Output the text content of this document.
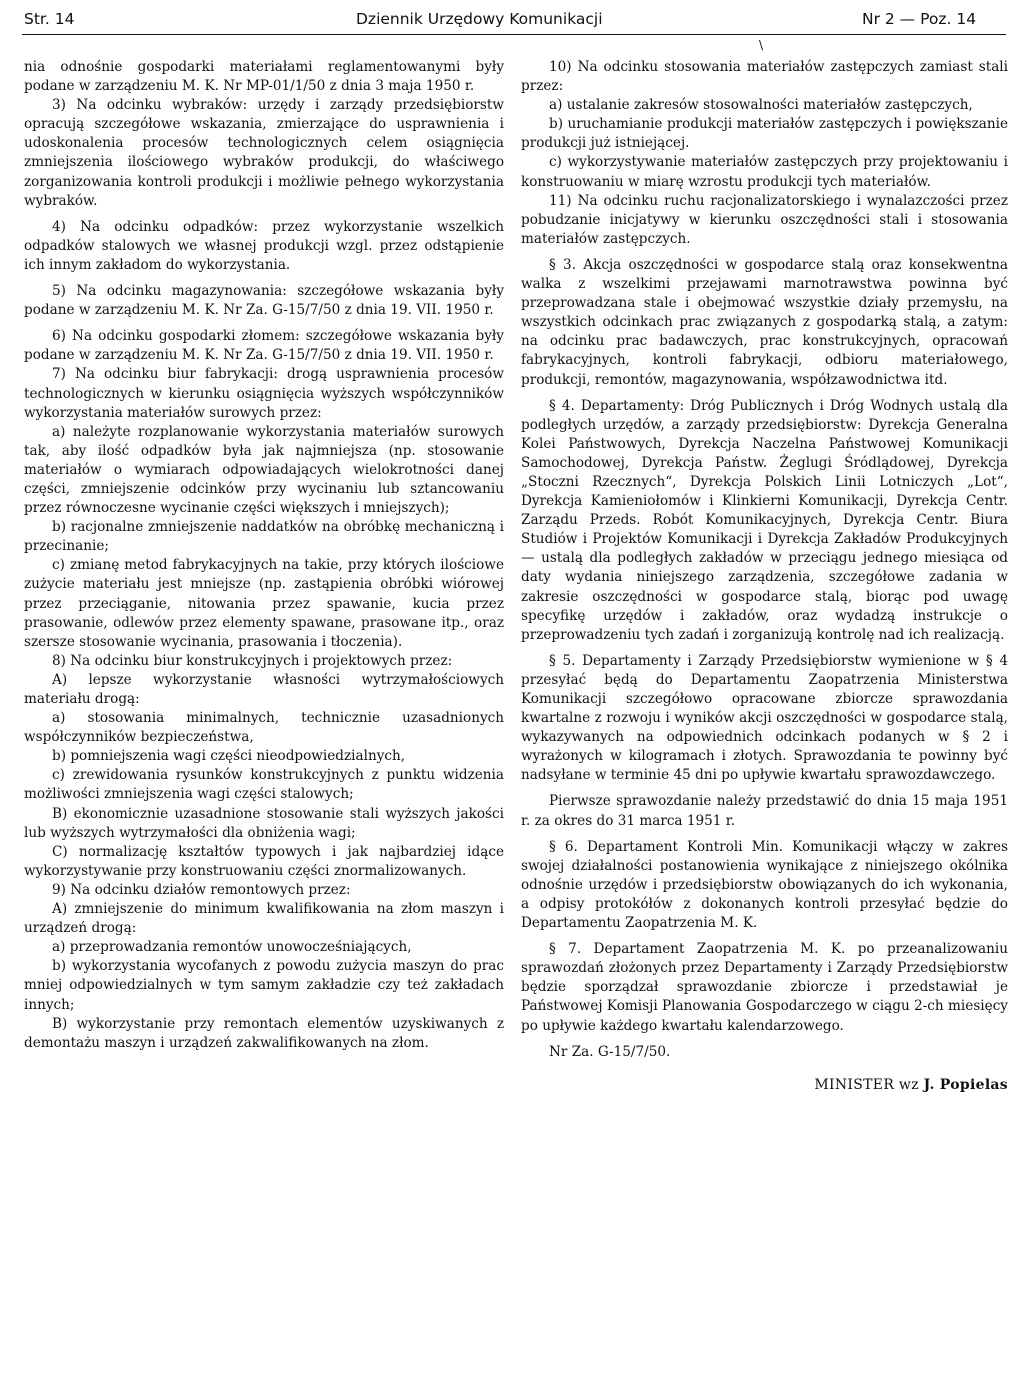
Str. 14	Dziennik Urzędowy Komunikacji	Nr 2 — Poz. 14
\

nia odnośnie gospodarki materiałami reglamentowanymi były podane w zarządzeniu M. K. Nr MP-01/1/50 z dnia 3 maja 1950 r.

3) Na odcinku wybraków: urzędy i zarządy przedsiębiorstw opracują szczegółowe wskazania, zmierzające do usprawnienia i udoskonalenia procesów technologicznych celem osiągnięcia zmniejszenia ilościowego wybraków produkcji, do właściwego zorganizowania kontroli produkcji i możliwie pełnego wykorzystania wybraków.

4) Na odcinku odpadków: przez wykorzystanie wszelkich odpadków stalowych we własnej produkcji wzgl. przez odstąpienie ich innym zakładom do wykorzystania.

5) Na odcinku magazynowania: szczegółowe wskazania były podane w zarządzeniu M. K. Nr Za. G-15/7/50 z dnia 19. VII. 1950 r.

6) Na odcinku gospodarki złomem: szczegółowe wskazania były podane w zarządzeniu M. K. Nr Za. G-15/7/50 z dnia 19. VII. 1950 r.

7) Na odcinku biur fabrykacji: drogą usprawnienia procesów technologicznych w kierunku osiągnięcia wyższych współczynników wykorzystania materiałów surowych przez:

a) należyte rozplanowanie wykorzystania materiałów surowych tak, aby ilość odpadków była jak najmniejsza (np. stosowanie materiałów o wymiarach odpowiadających wielokrotności danej części, zmniejszenie odcinków przy wycinaniu lub sztancowaniu przez równoczesne wycinanie części większych i mniejszych);

b) racjonalne zmniejszenie naddatków na obróbkę mechaniczną i przecinanie;

c) zmianę metod fabrykacyjnych na takie, przy których ilościowe zużycie materiału jest mniejsze (np. zastąpienia obróbki wiórowej przez przeciąganie, nitowania przez spawanie, kucia przez prasowanie, odlewów przez elementy spawane, prasowane itp., oraz szersze stosowanie wycinania, prasowania i tłoczenia).

8) Na odcinku biur konstrukcyjnych i projektowych przez:

A) lepsze wykorzystanie własności wytrzymałościowych materiału drogą:

a) stosowania minimalnych, technicznie uzasadnionych współczynników bezpieczeństwa,

b) pomniejszenia wagi części nieodpowiedzialnych,

c) zrewidowania rysunków konstrukcyjnych z punktu widzenia możliwości zmniejszenia wagi części stalowych;

B) ekonomicznie uzasadnione stosowanie stali wyższych jakości lub wyższych wytrzymałości dla obniżenia wagi;

C) normalizację kształtów typowych i jak najbardziej idące wykorzystywanie przy konstruowaniu części znormalizowanych.

9) Na odcinku działów remontowych przez:

A) zmniejszenie do minimum kwalifikowania na złom maszyn i urządzeń drogą:

a) przeprowadzania remontów unowocześniających,

b) wykorzystania wycofanych z powodu zużycia maszyn do prac mniej odpowiedzialnych w tym samym zakładzie czy też zakładach innych;

B) wykorzystanie przy remontach elementów uzyskiwanych z demontażu maszyn i urządzeń zakwalifikowanych na złom.

10) Na odcinku stosowania materiałów zastępczych zamiast stali przez:

a) ustalanie zakresów stosowalności materiałów zastępczych,

b) uruchamianie produkcji materiałów zastępczych i powiększanie produkcji już istniejącej.

c) wykorzystywanie materiałów zastępczych przy projektowaniu i konstruowaniu w miarę wzrostu produkcji tych materiałów.

11) Na odcinku ruchu racjonalizatorskiego i wynalazczości przez pobudzanie inicjatywy w kierunku oszczędności stali i stosowania materiałów zastępczych.

§ 3. Akcja oszczędności w gospodarce stalą oraz konsekwentna walka z wszelkimi przejawami marnotrawstwa powinna być przeprowadzana stale i obejmować wszystkie działy przemysłu, na wszystkich odcinkach prac związanych z gospodarką stalą, a zatym: na odcinku prac badawczych, prac konstrukcyjnych, opracowań fabrykacyjnych, kontroli fabrykacji, odbioru materiałowego, produkcji, remontów, magazynowania, współzawodnictwa itd.

§ 4. Departamenty: Dróg Publicznych i Dróg Wodnych ustalą dla podległych urzędów, a zarządy przedsiębiorstw: Dyrekcja Generalna Kolei Państwowych, Dyrekcja Naczelna Państwowej Komunikacji Samochodowej, Dyrekcja Państw. Żeglugi Śródlądowej, Dyrekcja „Stoczni Rzecznych“, Dyrekcja Polskich Linii Lotniczych „Lot“, Dyrekcja Kamieniołomów i Klinkierni Komunikacji, Dyrekcja Centr. Zarządu Przeds. Robót Komunikacyjnych, Dyrekcja Centr. Biura Studiów i Projektów Komunikacji i Dyrekcja Zakładów Produkcyjnych — ustalą dla podległych zakładów w przeciągu jednego miesiąca od daty wydania niniejszego zarządzenia, szczegółowe zadania w zakresie oszczędności w gospodarce stalą, biorąc pod uwagę specyfikę urzędów i zakładów, oraz wydadzą instrukcje o przeprowadzeniu tych zadań i zorganizują kontrolę nad ich realizacją.

§ 5. Departamenty i Zarządy Przedsiębiorstw wymienione w § 4 przesyłać będą do Departamentu Zaopatrzenia Ministerstwa Komunikacji szczegółowo opracowane zbiorcze sprawozdania kwartalne z rozwoju i wyników akcji oszczędności w gospodarce stalą, wykazywanych na odpowiednich odcinkach podanych w § 2 i wyrażonych w kilogramach i złotych. Sprawozdania te powinny być nadsyłane w terminie 45 dni po upływie kwartału sprawozdawczego.

Pierwsze sprawozdanie należy przedstawić do dnia 15 maja 1951 r. za okres do 31 marca 1951 r.

§ 6. Departament Kontroli Min. Komunikacji włączy w zakres swojej działalności postanowienia wynikające z niniejszego okólnika odnośnie urzędów i przedsiębiorstw obowiązanych do ich wykonania, a odpisy protokółów z dokonanych kontroli przesyłać będzie do Departamentu Zaopatrzenia M. K.

§ 7. Departament Zaopatrzenia M. K. po przeanalizowaniu sprawozdań złożonych przez Departamenty i Zarządy Przedsiębiorstw będzie sporządzał sprawozdanie zbiorcze i przedstawiał je Państwowej Komisji Planowania Gospodarczego w ciągu 2-ch miesięcy po upływie każdego kwartału kalendarzowego.

Nr Za. G-15/7/50.

MINISTER wz J. Popielas
